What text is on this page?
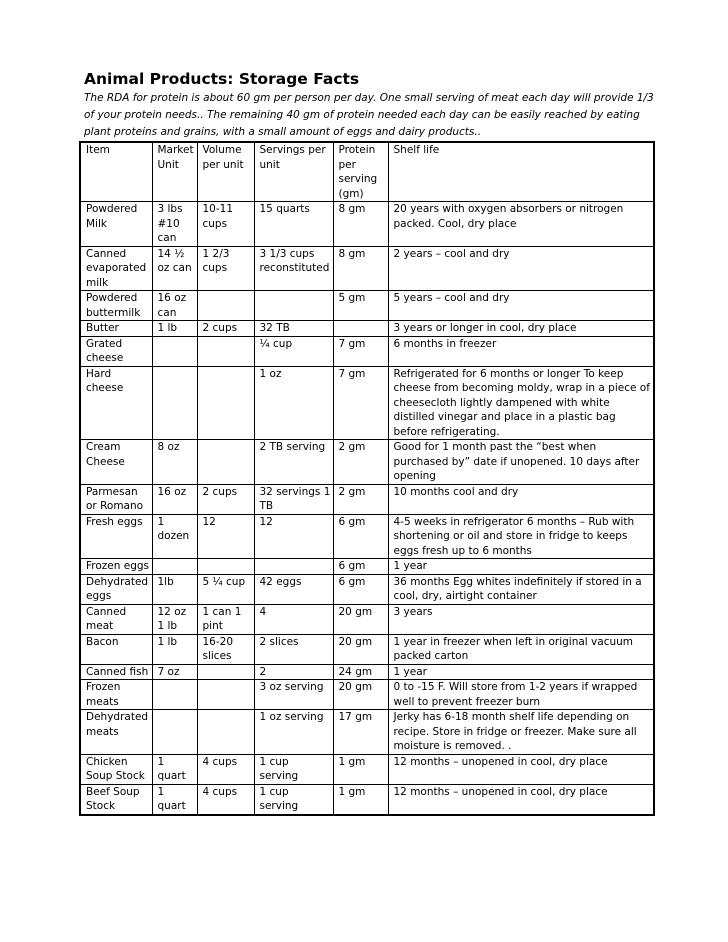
Animal Products: Storage Facts

The RDA for protein is about 60 gm per person per day. One small serving of meat each day will provide 1/3 of your protein needs.. The remaining 40 gm of protein needed each day can be easily reached by eating plant proteins and grains, with a small amount of eggs and dairy products..

Item	Market Unit	Volume per unit	Servings per unit	Protein per serving (gm)	Shelf life
Powdered Milk	3 lbs #10 can	10-11 cups	15 quarts	8 gm	20 years with oxygen absorbers or nitrogen packed. Cool, dry place
Canned evaporated milk	14 ½ oz can	1 2/3 cups	3 1/3 cups reconstituted	8 gm	2 years – cool and dry
Powdered buttermilk	16 oz can			5 gm	5 years – cool and dry
Butter	1 lb	2 cups	32 TB		3 years or longer in cool, dry place
Grated cheese			¼ cup	7 gm	6 months in freezer
Hard cheese			1 oz	7 gm	Refrigerated for 6 months or longer To keep cheese from becoming moldy, wrap in a piece of cheesecloth lightly dampened with white distilled vinegar and place in a plastic bag before refrigerating.
Cream Cheese	8 oz		2 TB serving	2 gm	Good for 1 month past the “best when purchased by” date if unopened. 10 days after opening
Parmesan or Romano	16 oz	2 cups	32 servings 1 TB	2 gm	10 months cool and dry
Fresh eggs	1 dozen	12	12	6 gm	4-5 weeks in refrigerator 6 months – Rub with shortening or oil and store in fridge to keeps eggs fresh up to 6 months
Frozen eggs				6 gm	1 year
Dehydrated eggs	1lb	5 ¼ cup	42 eggs	6 gm	36 months Egg whites indefinitely if stored in a cool, dry, airtight container
Canned meat	12 oz 1 lb	1 can 1 pint	4	20 gm	3 years
Bacon	1 lb	16-20 slices	2 slices	20 gm	1 year in freezer when left in original vacuum packed carton
Canned fish	7 oz		2	24 gm	1 year
Frozen meats			3 oz serving	20 gm	0 to -15 F. Will store from 1-2 years if wrapped well to prevent freezer burn
Dehydrated meats			1 oz serving	17 gm	Jerky has 6-18 month shelf life depending on recipe. Store in fridge or freezer. Make sure all moisture is removed. .
Chicken Soup Stock	1 quart	4 cups	1 cup serving	1 gm	12 months – unopened in cool, dry place
Beef Soup Stock	1 quart	4 cups	1 cup serving	1 gm	12 months – unopened in cool, dry place
